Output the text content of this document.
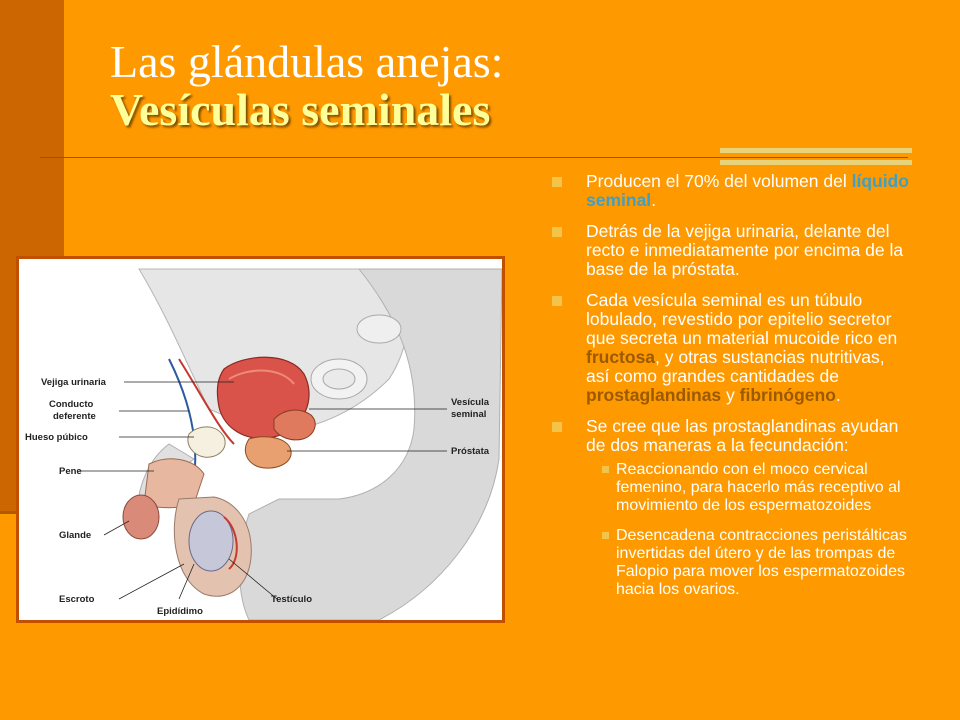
Las glándulas anejas:
Vesículas seminales
Vejiga urinaria
Conducto
deferente
Hueso púbico
Pene
Glande
Escroto
Epidídimo
Testículo
Vesícula
seminal
Próstata
Producen el 70% del volumen del líquido seminal.
Detrás de la vejiga urinaria, delante del recto e inmediatamente por encima de la base de la próstata.
Cada vesícula seminal es un túbulo lobulado, revestido por epitelio secretor que secreta un material mucoide rico en fructosa, y otras sustancias nutritivas, así como grandes cantidades de prostaglandinas y fibrinógeno.
Se cree que las prostaglandinas ayudan de dos maneras a la fecundación:
Reaccionando con el moco cervical femenino, para hacerlo más receptivo al movimiento de los espermatozoides
Desencadena contracciones peristálticas invertidas del útero y de las trompas de Falopio para mover los espermatozoides hacia los ovarios.
